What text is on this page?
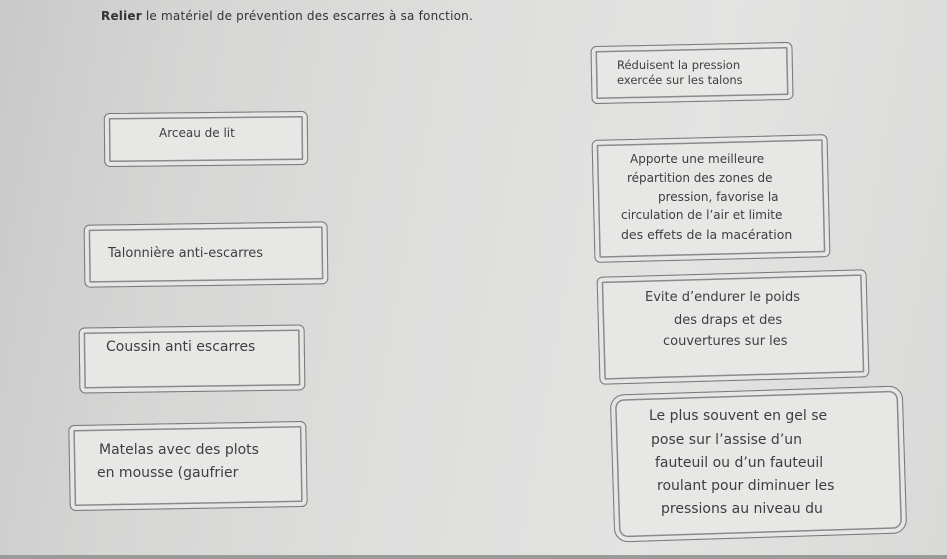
Relier le matériel de prévention des escarres à sa fonction.
Arceau de lit
Talonnière anti-escarres
Coussin anti escarres
Matelas avec des plots
en mousse (gaufrier
Réduisent la pression
exercée sur les talons
Apporte une meilleure
répartition des zones de
pression, favorise la
circulation de l’air et limite
des effets de la macération
Evite d’endurer le poids
des draps et des
couvertures sur les
Le plus souvent en gel se
pose sur l’assise d’un
fauteuil ou d’un fauteuil
roulant pour diminuer les
pressions au niveau du
